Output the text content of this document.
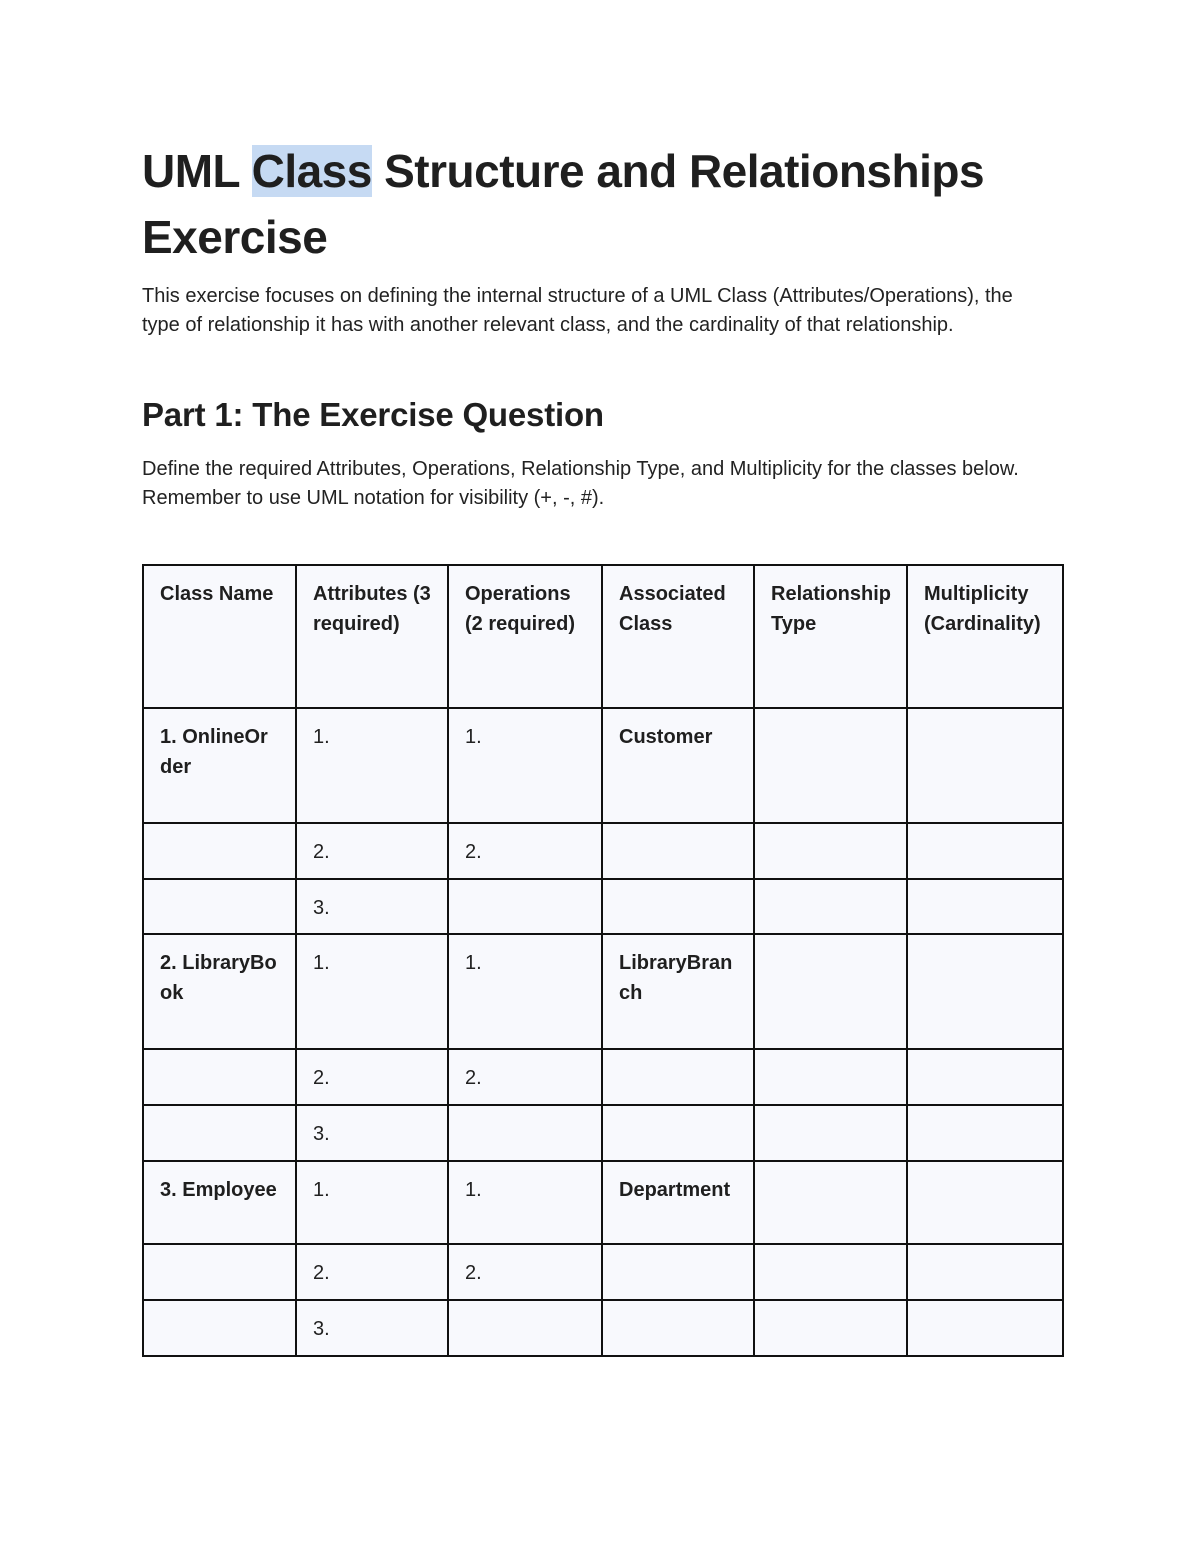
UML Class Structure and Relationships Exercise

This exercise focuses on defining the internal structure of a UML Class (Attributes/Operations), the type of relationship it has with another relevant class, and the cardinality of that relationship.

Part 1: The Exercise Question

Define the required Attributes, Operations, Relationship Type, and Multiplicity for the classes below. Remember to use UML notation for visibility (+, -, #).

Class Name	Attributes (3 required)	Operations (2 required)	Associated Class	Relationship Type	Multiplicity (Cardinality)
1. OnlineOrder	1.	1.	Customer		
	2.	2.			
	3.				
2. LibraryBook	1.	1.	LibraryBranch		
	2.	2.			
	3.				
3. Employee	1.	1.	Department		
	2.	2.			
	3.				
